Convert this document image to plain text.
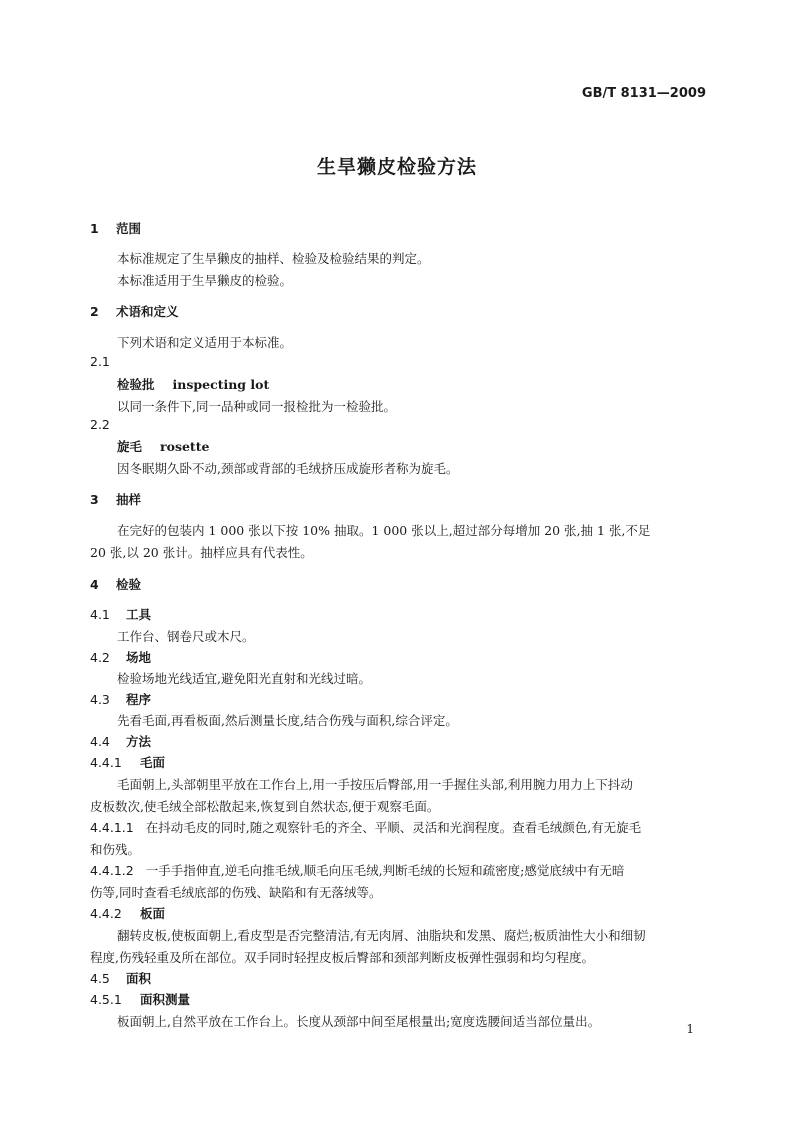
GB/T 8131—2009
生旱獭皮检验方法
1 范围
本标准规定了生旱獭皮的抽样、检验及检验结果的判定。
本标准适用于生旱獭皮的检验。
2 术语和定义
下列术语和定义适用于本标准。
2.1
检验批 inspecting lot
以同一条件下,同一品种或同一报检批为一检验批。
2.2
旋毛 rosette
因冬眠期久卧不动,颈部或背部的毛绒挤压成旋形者称为旋毛。
3 抽样
在完好的包装内 1 000 张以下按 10% 抽取。1 000 张以上,超过部分每增加 20 张,抽 1 张,不足
20 张,以 20 张计。抽样应具有代表性。
4 检验
4.1 工具
工作台、钢卷尺或木尺。
4.2 场地
检验场地光线适宜,避免阳光直射和光线过暗。
4.3 程序
先看毛面,再看板面,然后测量长度,结合伤残与面积,综合评定。
4.4 方法
4.4.1 毛面
毛面朝上,头部朝里平放在工作台上,用一手按压后臀部,用一手握住头部,利用腕力用力上下抖动
皮板数次,使毛绒全部松散起来,恢复到自然状态,便于观察毛面。
4.4.1.1 在抖动毛皮的同时,随之观察针毛的齐全、平顺、灵活和光润程度。查看毛绒颜色,有无旋毛
和伤残。
4.4.1.2 一手手指伸直,逆毛向推毛绒,顺毛向压毛绒,判断毛绒的长短和疏密度;感觉底绒中有无暗
伤等,同时查看毛绒底部的伤残、缺陷和有无落绒等。
4.4.2 板面
翻转皮板,使板面朝上,看皮型是否完整清洁,有无肉屑、油脂块和发黑、腐烂;板质油性大小和细韧
程度,伤残轻重及所在部位。双手同时轻捏皮板后臀部和颈部判断皮板弹性强弱和均匀程度。
4.5 面积
4.5.1 面积测量
板面朝上,自然平放在工作台上。长度从颈部中间至尾根量出;宽度选腰间适当部位量出。	1
